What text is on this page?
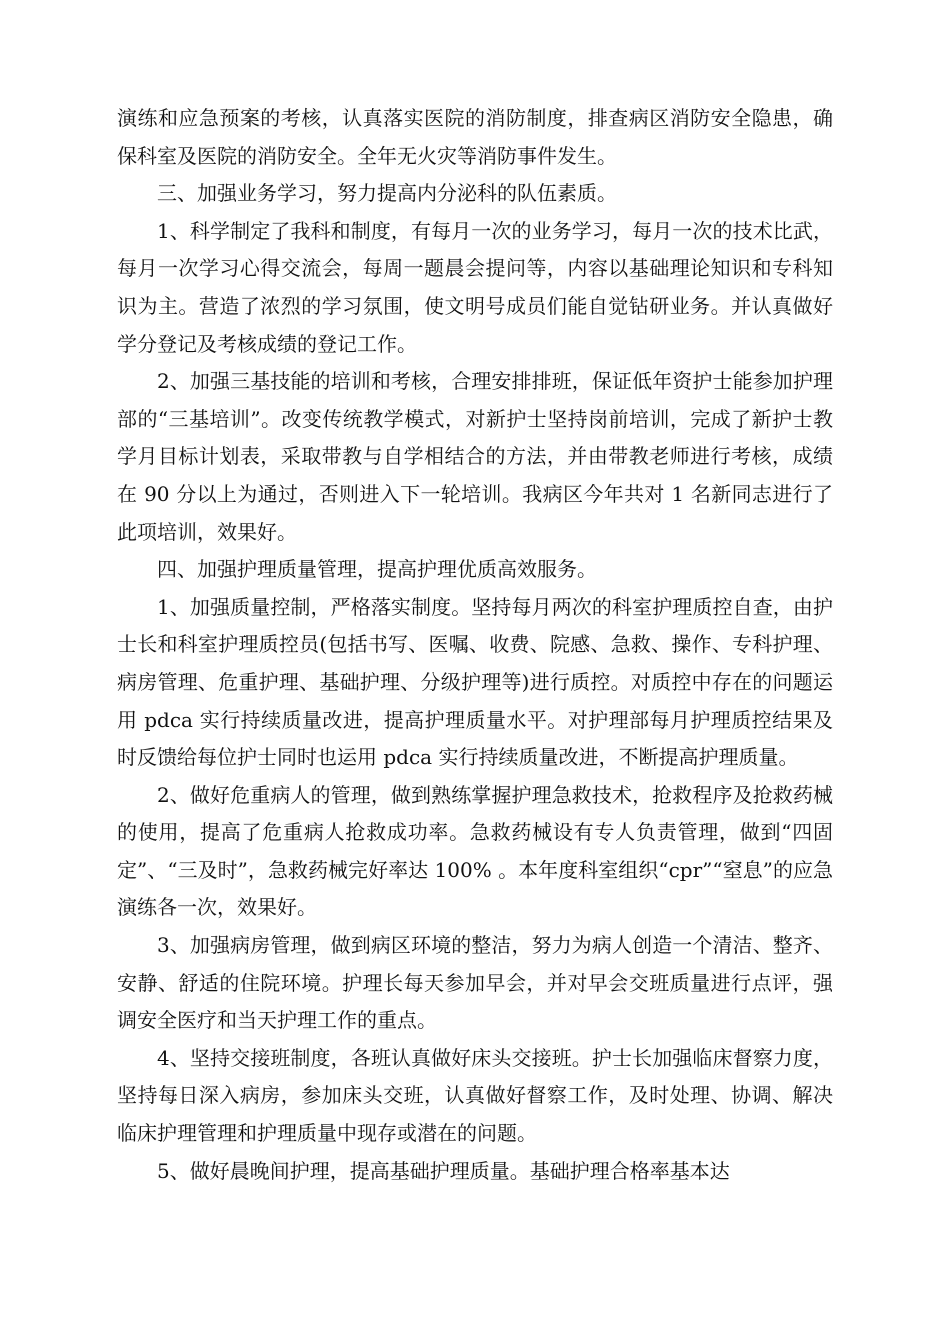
演练和应急预案的考核，认真落实医院的消防制度，排查病区消防安全隐患，确保科室及医院的消防安全。全年无火灾等消防事件发生。

三、加强业务学习，努力提高内分泌科的队伍素质。

1、科学制定了我科和制度，有每月一次的业务学习，每月一次的技术比武，每月一次学习心得交流会，每周一题晨会提问等，内容以基础理论知识和专科知识为主。营造了浓烈的学习氛围，使文明号成员们能自觉钻研业务。并认真做好学分登记及考核成绩的登记工作。

2、加强三基技能的培训和考核，合理安排排班，保证低年资护士能参加护理部的“三基培训”。改变传统教学模式，对新护士坚持岗前培训，完成了新护士教学月目标计划表，采取带教与自学相结合的方法，并由带教老师进行考核，成绩在 90 分以上为通过，否则进入下一轮培训。我病区今年共对 1 名新同志进行了此项培训，效果好。

四、加强护理质量管理，提高护理优质高效服务。

1、加强质量控制，严格落实制度。坚持每月两次的科室护理质控自查，由护士长和科室护理质控员(包括书写、医嘱、收费、院感、急救、操作、专科护理、病房管理、危重护理、基础护理、分级护理等)进行质控。对质控中存在的问题运用 pdca 实行持续质量改进，提高护理质量水平。对护理部每月护理质控结果及时反馈给每位护士同时也运用 pdca 实行持续质量改进，不断提高护理质量。

2、做好危重病人的管理，做到熟练掌握护理急救技术，抢救程序及抢救药械的使用，提高了危重病人抢救成功率。急救药械设有专人负责管理，做到“四固定”、“三及时”，急救药械完好率达 100% 。本年度科室组织“cpr”“窒息”的应急演练各一次，效果好。

3、加强病房管理，做到病区环境的整洁，努力为病人创造一个清洁、整齐、安静、舒适的住院环境。护理长每天参加早会，并对早会交班质量进行点评，强调安全医疗和当天护理工作的重点。

4、坚持交接班制度，各班认真做好床头交接班。护士长加强临床督察力度，坚持每日深入病房，参加床头交班，认真做好督察工作，及时处理、协调、解决临床护理管理和护理质量中现存或潜在的问题。

5、做好晨晚间护理，提高基础护理质量。基础护理合格率基本达
